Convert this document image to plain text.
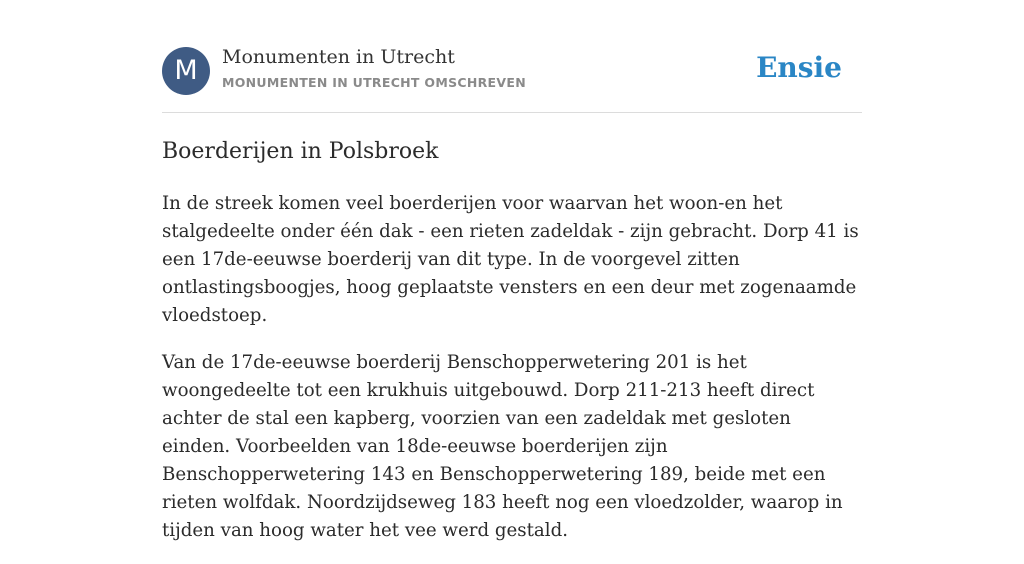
M	Monumenten in Utrecht
MONUMENTEN IN UTRECHT OMSCHREVEN	Ensie
Boerderijen in Polsbroek

In de streek komen veel boerderijen voor waarvan het woon-en het stalgedeelte onder één dak - een rieten zadeldak - zijn gebracht. Dorp 41 is een 17de-eeuwse boerderij van dit type. In de voorgevel zitten ontlastingsboogjes, hoog geplaatste vensters en een deur met zogenaamde vloedstoep.

Van de 17de-eeuwse boerderij Benschopperwetering 201 is het woongedeelte tot een krukhuis uitgebouwd. Dorp 211-213 heeft direct achter de stal een kapberg, voorzien van een zadeldak met gesloten einden. Voorbeelden van 18de-eeuwse boerderijen zijn Benschopperwetering 143 en Benschopperwetering 189, beide met een rieten wolfdak. Noordzijdseweg 183 heeft nog een vloedzolder, waarop in tijden van hoog water het vee werd gestald.
